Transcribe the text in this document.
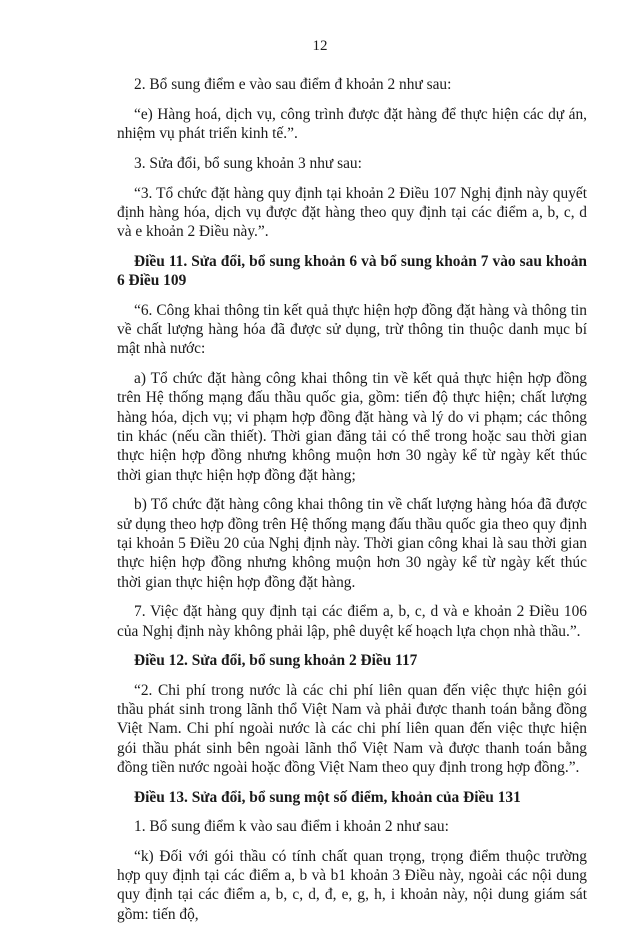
12

2. Bổ sung điểm e vào sau điểm đ khoản 2 như sau:

“e) Hàng hoá, dịch vụ, công trình được đặt hàng để thực hiện các dự án, nhiệm vụ phát triển kinh tế.”.

3. Sửa đổi, bổ sung khoản 3 như sau:

“3. Tổ chức đặt hàng quy định tại khoản 2 Điều 107 Nghị định này quyết định hàng hóa, dịch vụ được đặt hàng theo quy định tại các điểm a, b, c, d và e khoản 2 Điều này.”.

Điều 11. Sửa đổi, bổ sung khoản 6 và bổ sung khoản 7 vào sau khoản 6 Điều 109

“6. Công khai thông tin kết quả thực hiện hợp đồng đặt hàng và thông tin về chất lượng hàng hóa đã được sử dụng, trừ thông tin thuộc danh mục bí mật nhà nước:

a) Tổ chức đặt hàng công khai thông tin về kết quả thực hiện hợp đồng trên Hệ thống mạng đấu thầu quốc gia, gồm: tiến độ thực hiện; chất lượng hàng hóa, dịch vụ; vi phạm hợp đồng đặt hàng và lý do vi phạm; các thông tin khác (nếu cần thiết). Thời gian đăng tải có thể trong hoặc sau thời gian thực hiện hợp đồng nhưng không muộn hơn 30 ngày kể từ ngày kết thúc thời gian thực hiện hợp đồng đặt hàng;

b) Tổ chức đặt hàng công khai thông tin về chất lượng hàng hóa đã được sử dụng theo hợp đồng trên Hệ thống mạng đấu thầu quốc gia theo quy định tại khoản 5 Điều 20 của Nghị định này. Thời gian công khai là sau thời gian thực hiện hợp đồng nhưng không muộn hơn 30 ngày kể từ ngày kết thúc thời gian thực hiện hợp đồng đặt hàng.

7. Việc đặt hàng quy định tại các điểm a, b, c, d và e khoản 2 Điều 106 của Nghị định này không phải lập, phê duyệt kế hoạch lựa chọn nhà thầu.”.

Điều 12. Sửa đổi, bổ sung khoản 2 Điều 117

“2. Chi phí trong nước là các chi phí liên quan đến việc thực hiện gói thầu phát sinh trong lãnh thổ Việt Nam và phải được thanh toán bằng đồng Việt Nam. Chi phí ngoài nước là các chi phí liên quan đến việc thực hiện gói thầu phát sinh bên ngoài lãnh thổ Việt Nam và được thanh toán bằng đồng tiền nước ngoài hoặc đồng Việt Nam theo quy định trong hợp đồng.”.

Điều 13. Sửa đổi, bổ sung một số điểm, khoản của Điều 131

1. Bổ sung điểm k vào sau điểm i khoản 2 như sau:

“k) Đối với gói thầu có tính chất quan trọng, trọng điểm thuộc trường hợp quy định tại các điểm a, b và b1 khoản 3 Điều này, ngoài các nội dung quy định tại các điểm a, b, c, d, đ, e, g, h, i khoản này, nội dung giám sát gồm: tiến độ,
